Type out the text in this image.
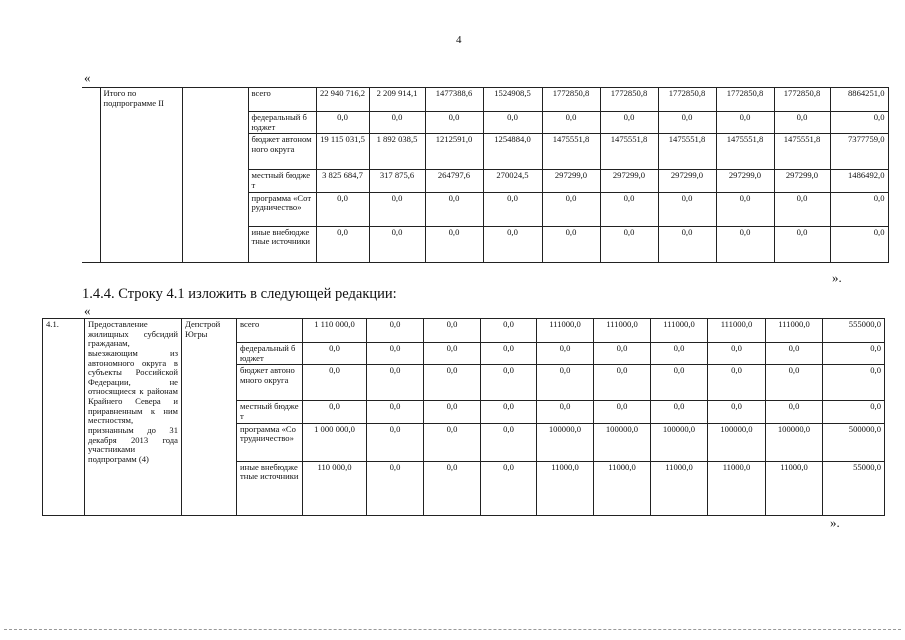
4
«
	Итого по подпрограмме II		всего	22 940 716,2	2 209 914,1	1477388,6	1524908,5	1772850,8	1772850,8	1772850,8	1772850,8	1772850,8	8864251,0
			федеральный бюджет	0,0	0,0	0,0	0,0	0,0	0,0	0,0	0,0	0,0	0,0
			бюджет автономного округа	19 115 031,5	1 892 038,5	1212591,0	1254884,0	1475551,8	1475551,8	1475551,8	1475551,8	1475551,8	7377759,0
			местный бюджет	3 825 684,7	317 875,6	264797,6	270024,5	297299,0	297299,0	297299,0	297299,0	297299,0	1486492,0
			программа «Сотрудничество»	0,0	0,0	0,0	0,0	0,0	0,0	0,0	0,0	0,0	0,0
			иные внебюджетные источники	0,0	0,0	0,0	0,0	0,0	0,0	0,0	0,0	0,0	0,0
».
1.4.4. Строку 4.1 изложить в следующей редакции:
«
4.1.	Предоставление жилищных субсидий гражданам, выезжающим из автономного округа в субъекты Российской Федерации, не относящиеся к районам Крайнего Севера и приравненным к ним местностям, признанным до 31 декабря 2013 года участниками подпрограмм (4)	Депстрой Югры	всего	1 110 000,0	0,0	0,0	0,0	111000,0	111000,0	111000,0	111000,0	111000,0	555000,0
			федеральный бюджет	0,0	0,0	0,0	0,0	0,0	0,0	0,0	0,0	0,0	0,0
			бюджет автономного округа	0,0	0,0	0,0	0,0	0,0	0,0	0,0	0,0	0,0	0,0
			местный бюджет	0,0	0,0	0,0	0,0	0,0	0,0	0,0	0,0	0,0	0,0
			программа «Сотрудничество»	1 000 000,0	0,0	0,0	0,0	100000,0	100000,0	100000,0	100000,0	100000,0	500000,0
			иные внебюджетные источники	110 000,0	0,0	0,0	0,0	11000,0	11000,0	11000,0	11000,0	11000,0	55000,0
».
